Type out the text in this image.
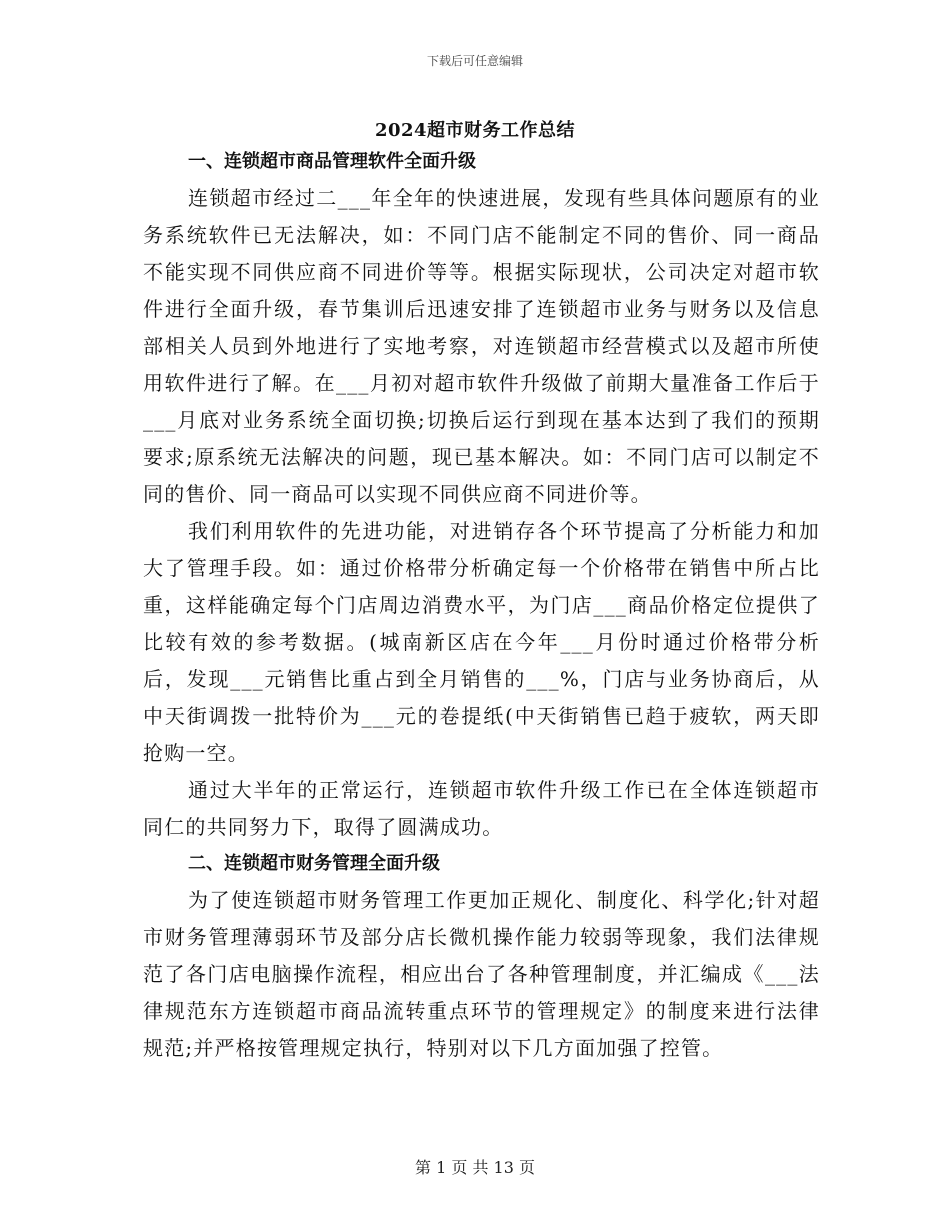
下载后可任意编辑
2024超市财务工作总结
一、连锁超市商品管理软件全面升级
连锁超市经过二___年全年的快速进展，发现有些具体问题原有的业务系统软件已无法解决，如：不同门店不能制定不同的售价、同一商品不能实现不同供应商不同进价等等。根据实际现状，公司决定对超市软件进行全面升级，春节集训后迅速安排了连锁超市业务与财务以及信息部相关人员到外地进行了实地考察，对连锁超市经营模式以及超市所使用软件进行了解。在___月初对超市软件升级做了前期大量准备工作后于___月底对业务系统全面切换;切换后运行到现在基本达到了我们的预期要求;原系统无法解决的问题，现已基本解决。如：不同门店可以制定不同的售价、同一商品可以实现不同供应商不同进价等。
我们利用软件的先进功能，对进销存各个环节提高了分析能力和加大了管理手段。如：通过价格带分析确定每一个价格带在销售中所占比重，这样能确定每个门店周边消费水平，为门店___商品价格定位提供了比较有效的参考数据。(城南新区店在今年___月份时通过价格带分析后，发现___元销售比重占到全月销售的___%，门店与业务协商后，从中天街调拨一批特价为___元的卷提纸(中天街销售已趋于疲软，两天即抢购一空。
通过大半年的正常运行，连锁超市软件升级工作已在全体连锁超市同仁的共同努力下，取得了圆满成功。
二、连锁超市财务管理全面升级
为了使连锁超市财务管理工作更加正规化、制度化、科学化;针对超市财务管理薄弱环节及部分店长微机操作能力较弱等现象，我们法律规范了各门店电脑操作流程，相应出台了各种管理制度，并汇编成《___法律规范东方连锁超市商品流转重点环节的管理规定》的制度来进行法律规范;并严格按管理规定执行，特别对以下几方面加强了控管。
第 1 页 共 13 页
